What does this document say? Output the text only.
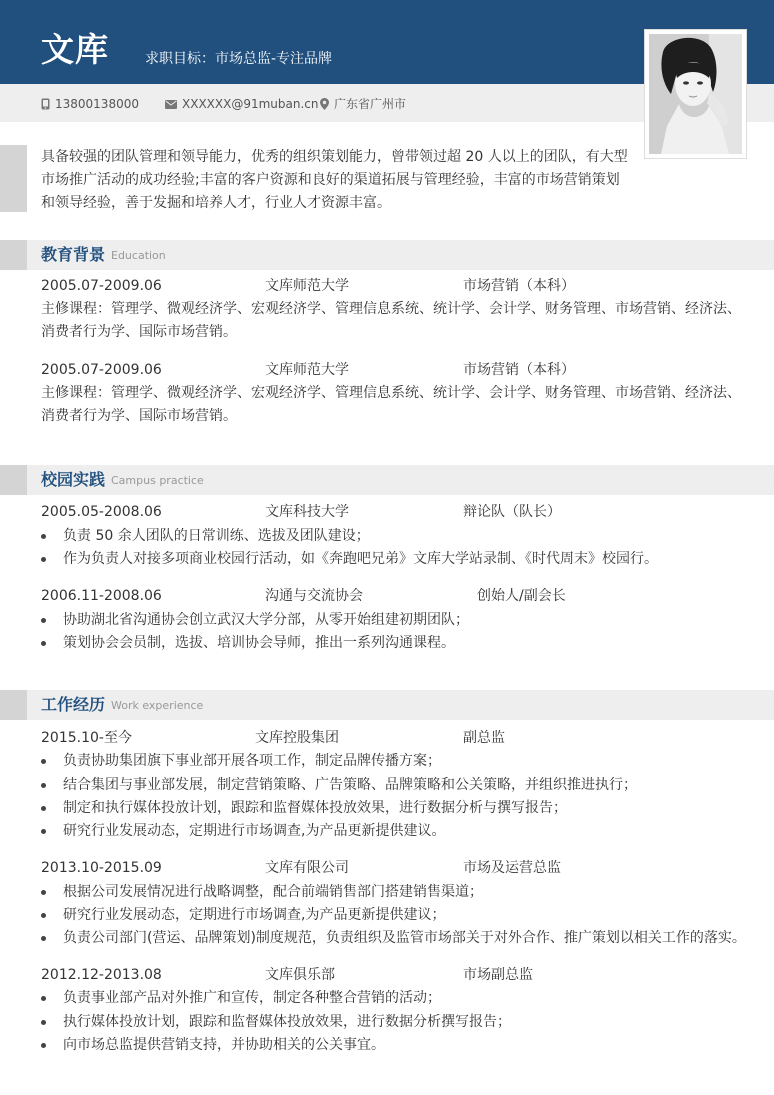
文库	求职目标：市场总监-专注品牌
13800138000	XXXXXX@91muban.cn 广东省广州市
具备较强的团队管理和领导能力，优秀的组织策划能力，曾带领过超 20 人以上的团队，有大型市场推广活动的成功经验;丰富的客户资源和良好的渠道拓展与管理经验，丰富的市场营销策划和领导经验，善于发掘和培养人才，行业人才资源丰富。
教育背景 Education
2005.07-2009.06	文库师范大学	市场营销（本科）
主修课程：管理学、微观经济学、宏观经济学、管理信息系统、统计学、会计学、财务管理、市场营销、经济法、消费者行为学、国际市场营销。
2005.07-2009.06	文库师范大学	市场营销（本科）
主修课程：管理学、微观经济学、宏观经济学、管理信息系统、统计学、会计学、财务管理、市场营销、经济法、消费者行为学、国际市场营销。
校园实践 Campus practice
2005.05-2008.06	文库科技大学	辩论队（队长）
负责 50 余人团队的日常训练、选拔及团队建设；
作为负责人对接多项商业校园行活动，如《奔跑吧兄弟》文库大学站录制、《时代周末》校园行。
2006.11-2008.06	沟通与交流协会	创始人/副会长
协助湖北省沟通协会创立武汉大学分部，从零开始组建初期团队；
策划协会会员制，选拔、培训协会导师，推出一系列沟通课程。
工作经历 Work experience
2015.10-至今	文库控股集团	副总监
负责协助集团旗下事业部开展各项工作，制定品牌传播方案；
结合集团与事业部发展，制定营销策略、广告策略、品牌策略和公关策略，并组织推进执行；
制定和执行媒体投放计划，跟踪和监督媒体投放效果，进行数据分析与撰写报告；
研究行业发展动态，定期进行市场调查,为产品更新提供建议。
2013.10-2015.09	文库有限公司	市场及运营总监
根据公司发展情况进行战略调整，配合前端销售部门搭建销售渠道；
研究行业发展动态，定期进行市场调查,为产品更新提供建议；
负责公司部门(营运、品牌策划)制度规范，负责组织及监管市场部关于对外合作、推广策划以相关工作的落实。
2012.12-2013.08	文库俱乐部	市场副总监
负责事业部产品对外推广和宣传，制定各种整合营销的活动；
执行媒体投放计划，跟踪和监督媒体投放效果，进行数据分析撰写报告；
向市场总监提供营销支持，并协助相关的公关事宜。
